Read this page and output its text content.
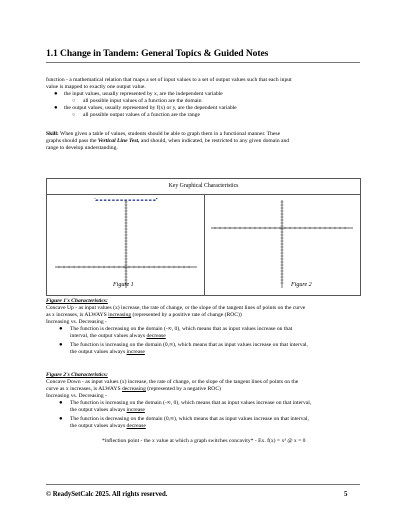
1.1 Change in Tandem: General Topics & Guided Notes
function - a mathematical relation that maps a set of input values to a set of output values such that each input
value is mapped to exactly one output value.
● the input values, usually represented by x, are the independent variable
○ all possible input values of a function are the domain
● the output values, usually represented by f(x) or y, are the dependent variable
○ all possible output values of a function are the range
Skill: When given a table of values, students should be able to graph them in a functional manner. These
graphs should pass the Vertical Line Test, and should, when indicated, be restricted to any given domain and
range to develop understanding.
Key Graphical Characteristics
Figure 1	Figure 2
Figure 1's Characteristics:
Concave Up - as input values (x) increase, the rate of change, or the slope of the tangent lines of points on the curve
as x increases, is ALWAYS increasing (represented by a positive rate of change (ROC))
Increasing vs. Decreasing -
● The function is decreasing on the domain (-∞, 0), which means that as input values increase on that
interval, the output values always decrease
● The function is increasing on the domain (0,∞), which means that as input values increase on that interval,
the output values always increase
Figure 2's Characteristics:
Concave Down - as input values (x) increase, the rate of change, or the slope of the tangent lines of points on the
curve as x increases, is ALWAYS decreasing (represented by a negative ROC)
Increasing vs. Decreasing -
● The function is increasing on the domain (-∞, 0), which means that as input values increase on that interval,
the output values always increase
● The function is decreasing on the domain (0,∞), which means that as input values increase on that interval,
the output values always decrease
*inflection point - the x value at which a graph switches concavity* - Ex. f(x) = x³ @ x = 0
© ReadySetCalc 2025. All rights reserved.	5
